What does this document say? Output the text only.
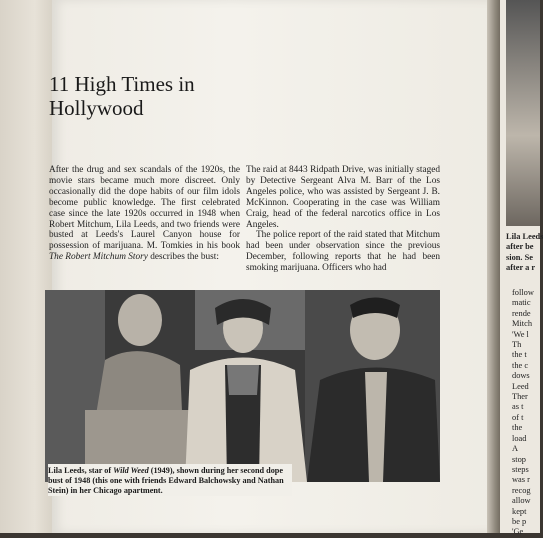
11 High Times in
Hollywood

After the drug and sex scandals of the 1920s, the movie stars became much more discreet. Only occasionally did the dope habits of our film idols become public knowledge. The first celebrated case since the late 1920s occurred in 1948 when Robert Mitchum, Lila Leeds, and two friends were busted at Leeds's Laurel Canyon house for possession of marijuana. M. Tomkies in his book The Robert Mitchum Story describes the bust:

The raid at 8443 Ridpath Drive, was initially staged by Detective Sergeant Alva M. Barr of the Los Angeles police, who was assisted by Sergeant J. B. McKinnon. Cooperating in the case was William Craig, head of the federal narcotics office in Los Angeles.

The police report of the raid stated that Mitchum had been under observation since the previous December, following reports that he had been smoking marijuana. Officers who had

Lila Leeds, star of Wild Weed (1949), shown during her second dope bust of 1948 (this one with friends Edward Balchowsky and Nathan Stein) in her Chicago apartment.

Lila Leeds
after be
sion. Se
after a r
follow
matic
rende
Mitch
'We l
Th
the t
the c
dows
Leed
Ther
as t
of t
the
load
A
stop
steps
was r
recog
allow
kept
be p
'Ge
